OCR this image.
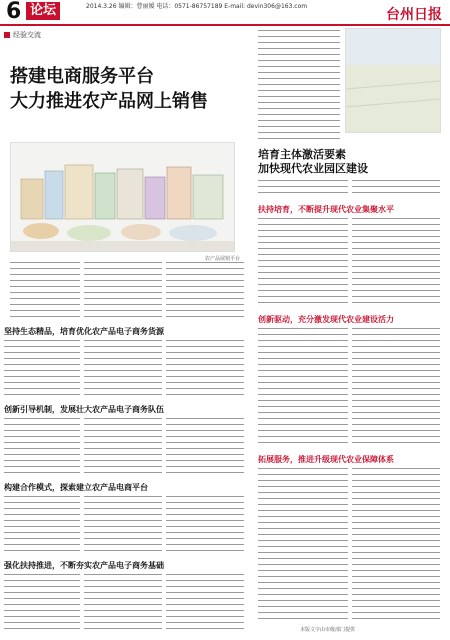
6 论坛	2014.3.26 编辑：曹丽媛 电话：0571-86757189 E-mail: devin306@163.com
台州日报
经验交流
搭建电商服务平台
大力推进农产品网上销售
农产品展销平台
坚持生态精品，培育优化农产品电子商务货源
创新引导机制，发展壮大农产品电子商务队伍
构建合作模式，探索建立农产品电商平台
强化扶持推进，不断夯实农产品电子商务基础
培育主体激活要素
加快现代农业园区建设
扶持培育，不断提升现代农业集聚水平
创新驱动，充分激发现代农业建设活力
拓展服务，推进升级现代农业保障体系
本版文字由市级部门提供
